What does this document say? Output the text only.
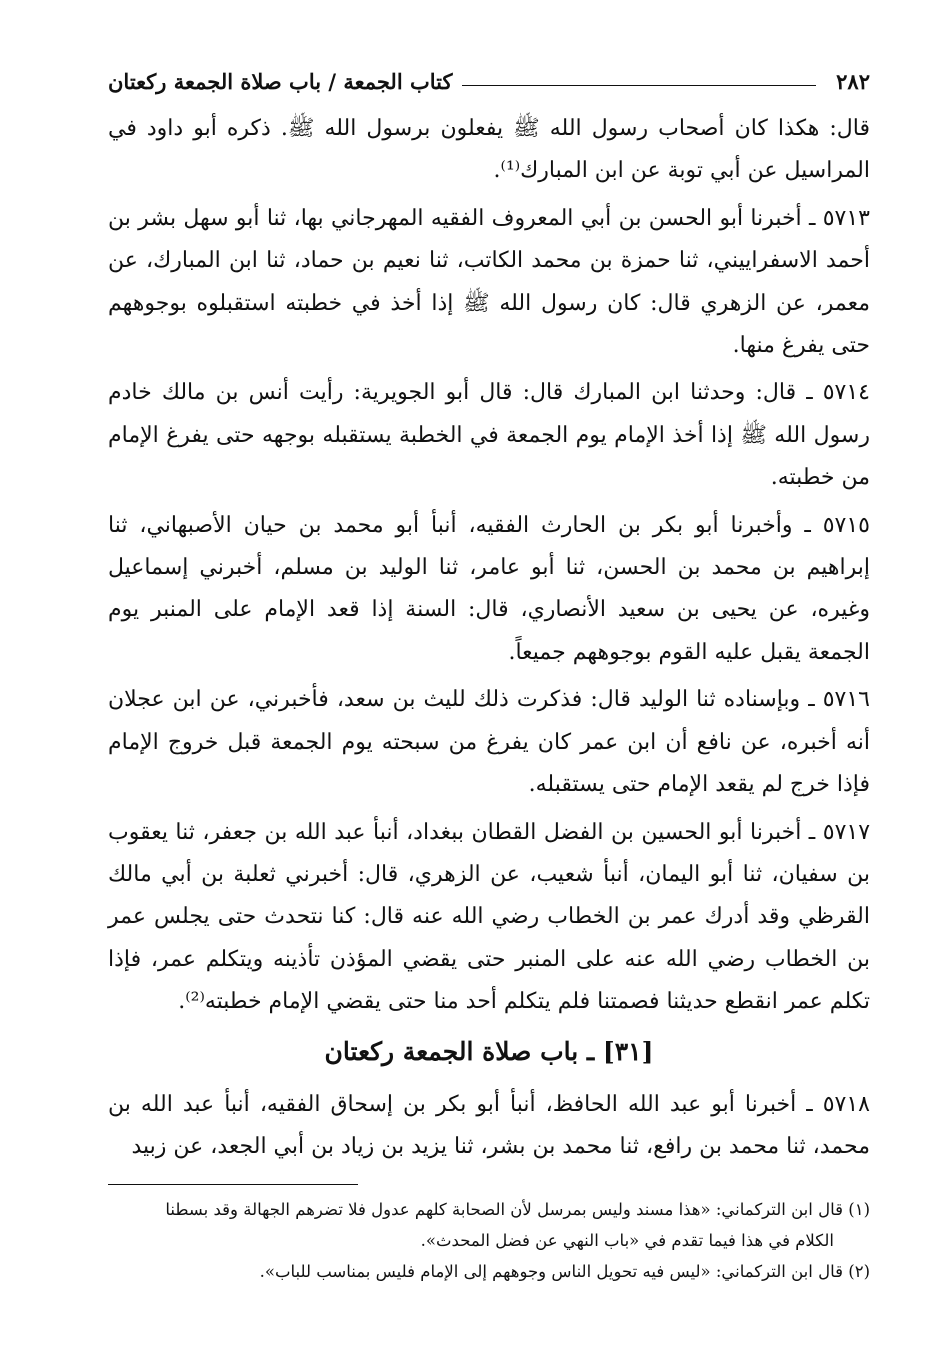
٢٨٢
كتاب الجمعة / باب صلاة الجمعة ركعتان

قال: هكذا كان أصحاب رسول الله ﷺ يفعلون برسول الله ﷺ. ذكره أبو داود في المراسيل عن أبي توبة عن ابن المبارك⁽¹⁾.

٥٧١٣ ـ أخبرنا أبو الحسن بن أبي المعروف الفقيه المهرجاني بها، ثنا أبو سهل بشر بن أحمد الاسفراييني، ثنا حمزة بن محمد الكاتب، ثنا نعيم بن حماد، ثنا ابن المبارك، عن معمر، عن الزهري قال: كان رسول الله ﷺ إذا أخذ في خطبته استقبلوه بوجوههم حتى يفرغ منها.

٥٧١٤ ـ قال: وحدثنا ابن المبارك قال: قال أبو الجويرية: رأيت أنس بن مالك خادم رسول الله ﷺ إذا أخذ الإمام يوم الجمعة في الخطبة يستقبله بوجهه حتى يفرغ الإمام من خطبته.

٥٧١٥ ـ وأخبرنا أبو بكر بن الحارث الفقيه، أنبأ أبو محمد بن حيان الأصبهاني، ثنا إبراهيم بن محمد بن الحسن، ثنا أبو عامر، ثنا الوليد بن مسلم، أخبرني إسماعيل وغيره، عن يحيى بن سعيد الأنصاري، قال: السنة إذا قعد الإمام على المنبر يوم الجمعة يقبل عليه القوم بوجوههم جميعاً.

٥٧١٦ ـ وبإسناده ثنا الوليد قال: فذكرت ذلك لليث بن سعد، فأخبرني، عن ابن عجلان أنه أخبره، عن نافع أن ابن عمر كان يفرغ من سبحته يوم الجمعة قبل خروج الإمام فإذا خرج لم يقعد الإمام حتى يستقبله.

٥٧١٧ ـ أخبرنا أبو الحسين بن الفضل القطان ببغداد، أنبأ عبد الله بن جعفر، ثنا يعقوب بن سفيان، ثنا أبو اليمان، أنبأ شعيب، عن الزهري، قال: أخبرني ثعلبة بن أبي مالك القرظي وقد أدرك عمر بن الخطاب رضي الله عنه قال: كنا نتحدث حتى يجلس عمر بن الخطاب رضي الله عنه على المنبر حتى يقضي المؤذن تأذينه ويتكلم عمر، فإذا تكلم عمر انقطع حديثنا فصمتنا فلم يتكلم أحد منا حتى يقضي الإمام خطبته⁽²⁾.

[٣١] ـ باب صلاة الجمعة ركعتان

٥٧١٨ ـ أخبرنا أبو عبد الله الحافظ، أنبأ أبو بكر بن إسحاق الفقيه، أنبأ عبد الله بن محمد، ثنا محمد بن رافع، ثنا محمد بن بشر، ثنا يزيد بن زياد بن أبي الجعد، عن زبيد

(١) قال ابن التركماني: «هذا مسند وليس بمرسل لأن الصحابة كلهم عدول فلا تضرهم الجهالة وقد بسطنا

الكلام في هذا فيما تقدم في «باب النهي عن فضل المحدث».

(٢) قال ابن التركماني: «ليس فيه تحويل الناس وجوههم إلى الإمام فليس بمناسب للباب».
